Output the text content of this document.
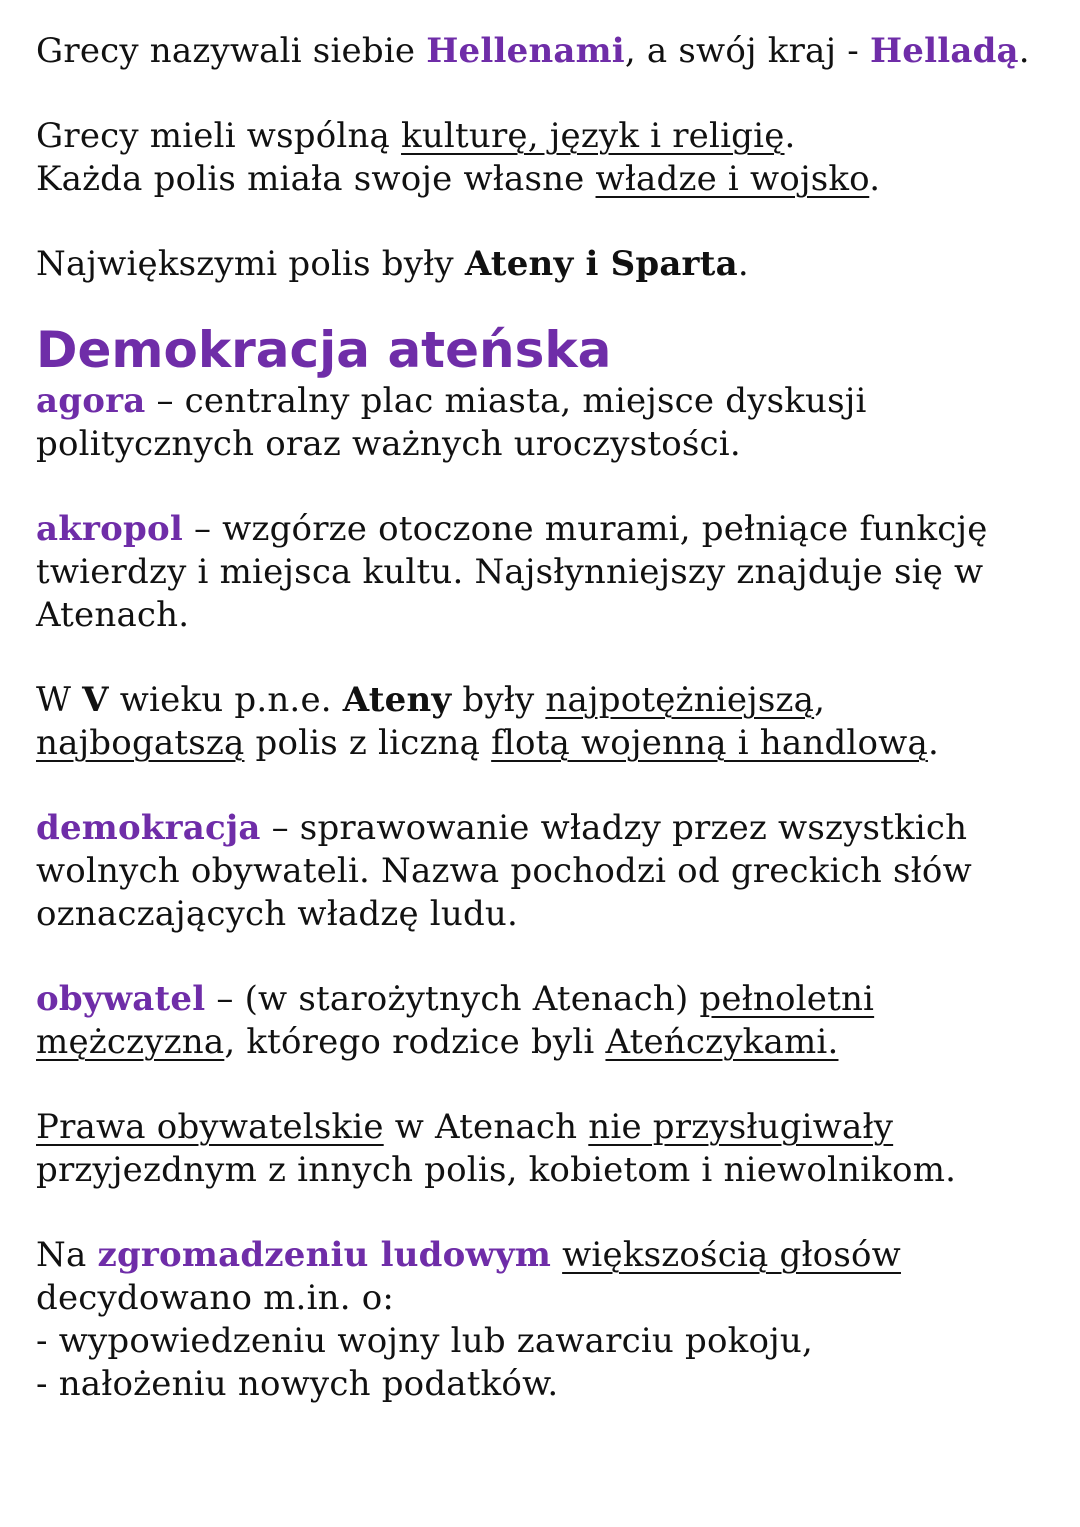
Grecy nazywali siebie Hellenami, a swój kraj - Helladą.
Grecy mieli wspólną kulturę, język i religię.
Każda polis miała swoje własne władze i wojsko.
Największymi polis były Ateny i Sparta.
Demokracja ateńska
agora – centralny plac miasta, miejsce dyskusji
politycznych oraz ważnych uroczystości.
akropol – wzgórze otoczone murami, pełniące funkcję
twierdzy i miejsca kultu. Najsłynniejszy znajduje się w
Atenach.
W V wieku p.n.e. Ateny były najpotężniejszą,
najbogatszą polis z liczną flotą wojenną i handlową.
demokracja – sprawowanie władzy przez wszystkich
wolnych obywateli. Nazwa pochodzi od greckich słów
oznaczających władzę ludu.
obywatel – (w starożytnych Atenach) pełnoletni
mężczyzna, którego rodzice byli Ateńczykami.
Prawa obywatelskie w Atenach nie przysługiwały
przyjezdnym z innych polis, kobietom i niewolnikom.
Na zgromadzeniu ludowym większością głosów
decydowano m.in. o:
- wypowiedzeniu wojny lub zawarciu pokoju,
- nałożeniu nowych podatków.
